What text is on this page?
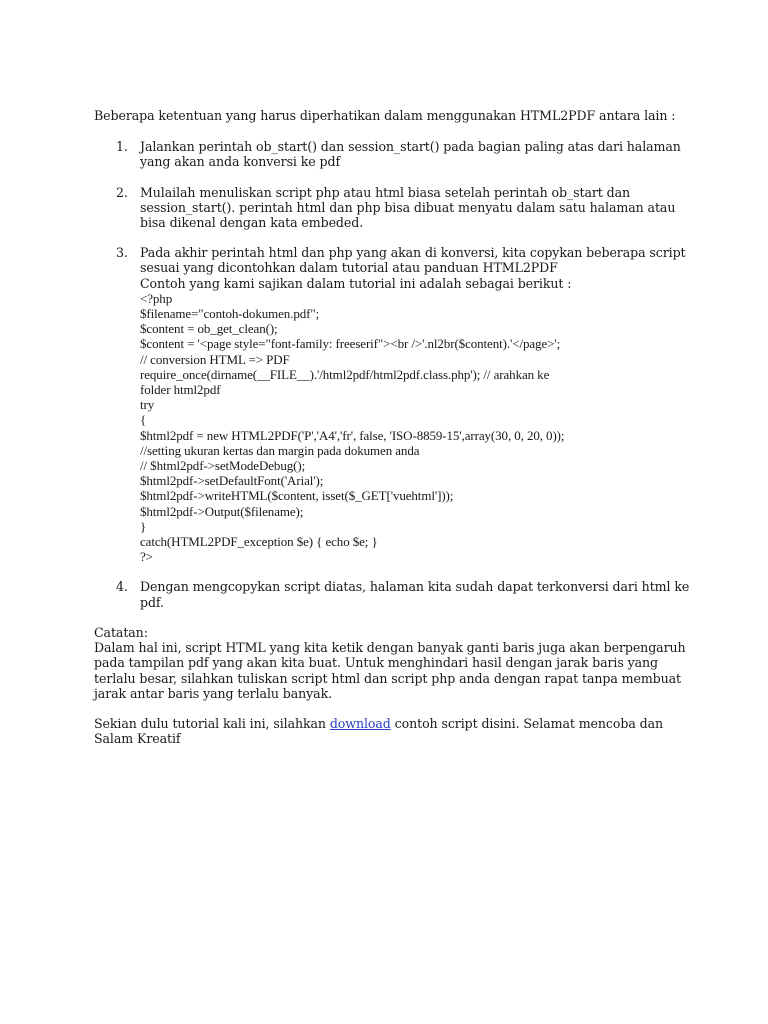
Beberapa ketentuan yang harus diperhatikan dalam menggunakan HTML2PDF antara lain :
1. Jalankan perintah ob_start() dan session_start() pada bagian paling atas dari halaman
yang akan anda konversi ke pdf
2. Mulailah menuliskan script php atau html biasa setelah perintah ob_start dan
session_start(). perintah html dan php bisa dibuat menyatu dalam satu halaman atau
bisa dikenal dengan kata embeded.
3. Pada akhir perintah html dan php yang akan di konversi, kita copykan beberapa script
sesuai yang dicontohkan dalam tutorial atau panduan HTML2PDF
Contoh yang kami sajikan dalam tutorial ini adalah sebagai berikut :
<?php
$filename="contoh-dokumen.pdf";
$content = ob_get_clean();
$content = '<page style="font-family: freeserif"><br />'.nl2br($content).'</page>';
// conversion HTML => PDF
require_once(dirname(__FILE__).'/html2pdf/html2pdf.class.php'); // arahkan ke
folder html2pdf
try
{
$html2pdf = new HTML2PDF('P','A4','fr', false, 'ISO-8859-15',array(30, 0, 20, 0));
//setting ukuran kertas dan margin pada dokumen anda
// $html2pdf->setModeDebug();
$html2pdf->setDefaultFont('Arial');
$html2pdf->writeHTML($content, isset($_GET['vuehtml']));
$html2pdf->Output($filename);
}
catch(HTML2PDF_exception $e) { echo $e; }
?>
4. Dengan mengcopykan script diatas, halaman kita sudah dapat terkonversi dari html ke
pdf.
Catatan:
Dalam hal ini, script HTML yang kita ketik dengan banyak ganti baris juga akan berpengaruh
pada tampilan pdf yang akan kita buat. Untuk menghindari hasil dengan jarak baris yang
terlalu besar, silahkan tuliskan script html dan script php anda dengan rapat tanpa membuat
jarak antar baris yang terlalu banyak.
Sekian dulu tutorial kali ini, silahkan download contoh script disini. Selamat mencoba dan
Salam Kreatif
